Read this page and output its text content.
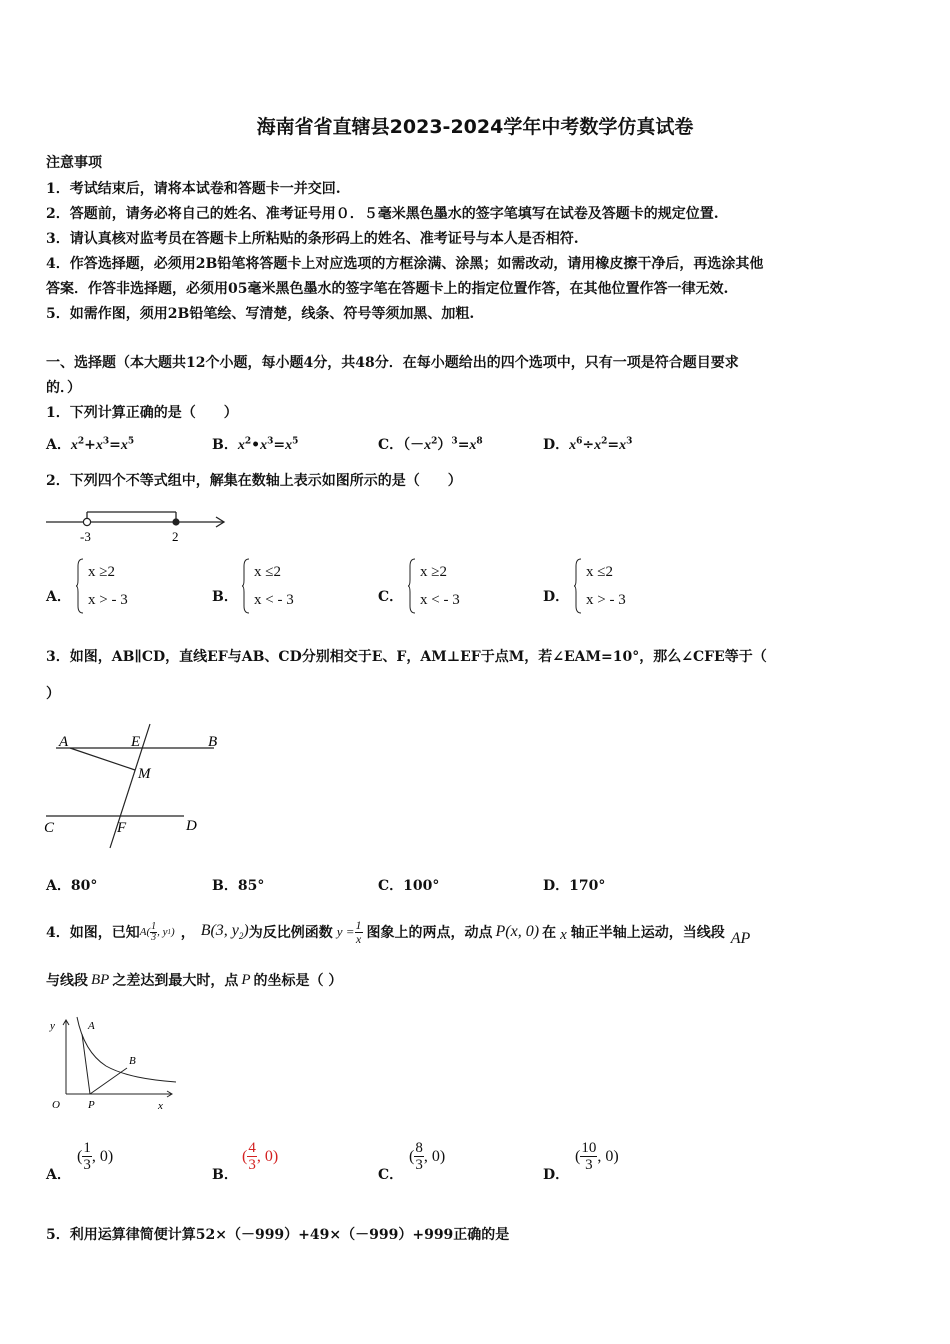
海南省省直辖县2023-2024学年中考数学仿真试卷
注意事项
1．考试结束后，请将本试卷和答题卡一并交回.
2．答题前，请务必将自己的姓名、准考证号用０．５毫米黑色墨水的签字笔填写在试卷及答题卡的规定位置.
3．请认真核对监考员在答题卡上所粘贴的条形码上的姓名、准考证号与本人是否相符.
4．作答选择题，必须用2B铅笔将答题卡上对应选项的方框涂满、涂黑；如需改动，请用橡皮擦干净后，再选涂其他
答案．作答非选择题，必须用05毫米黑色墨水的签字笔在答题卡上的指定位置作答，在其他位置作答一律无效.
5．如需作图，须用2B铅笔绘、写清楚，线条、符号等须加黑、加粗.
一、选择题（本大题共12个小题，每小题4分，共48分．在每小题给出的四个选项中，只有一项是符合题目要求
的．）
1．下列计算正确的是（　　）
A．$x^2+x^3=x^5$	B．$x^2•x^3=x^5$	C．$(-x^2)^3=x^8$	D．$x^6\div x^2=x^3$
2．下列四个不等式组中，解集在数轴上表示如图所示的是（　　）
-3	2
A．
x ≥2
x > - 3	B．
x ≤2
x < - 3	C．
x ≥2
x < - 3	D．
x ≤2
x > - 3
3．如图，AB∥CD，直线EF与AB、CD分别相交于E、F，AM⊥EF于点M，若∠EAM=10°，那么∠CFE等于（
）
A	E	B
M
C	F	D
A．80°	B．85°	C．100°	D．170°
4．如图，已知 $A( \frac{1}{3}$ , y 1 ) ， B(3, $y_2$) 为反比例函数 $y = \frac{1}{x}$ 图象上的两点，动点 P(x, 0) 在 x 轴正半轴上运动，当线段 AP
与线段 BP 之差达到最大时，点 P 的坐标是（ ）
y	A
B
O	P	x
A．
( $\frac{1}{3}$ , 0)
B．
( $\frac{4}{3}$ , 0)
C．
( $\frac{8}{3}$ , 0)
D．
( $\frac{10}{3}$ , 0)
5．利用运算律简便计算52×（－999）+49×（－999）+999正确的是
